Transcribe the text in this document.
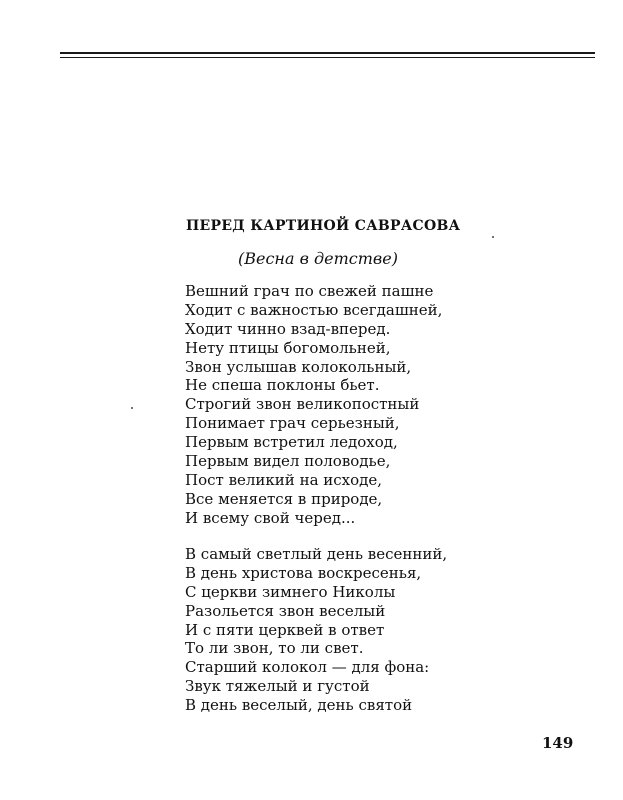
ПЕРЕД КАРТИНОЙ САВРАСОВА
(Весна в детстве)
Вешний грач по свежей пашне
Ходит с важностью всегдашней,
Ходит чинно взад-вперед.
Нету птицы богомольней,
Звон услышав колокольный,
Не спеша поклоны бьет.
Строгий звон великопостный
Понимает грач серьезный,
Первым встретил ледоход,
Первым видел половодье,
Пост великий на исходе,
Все меняется в природе,
И всему свой черед...
В самый светлый день весенний,
В день христова воскресенья,
С церкви зимнего Николы
Разольется звон веселый
И с пяти церквей в ответ
То ли звон, то ли свет.
Старший колокол — для фона:
Звук тяжелый и густой
В день веселый, день святой
149
